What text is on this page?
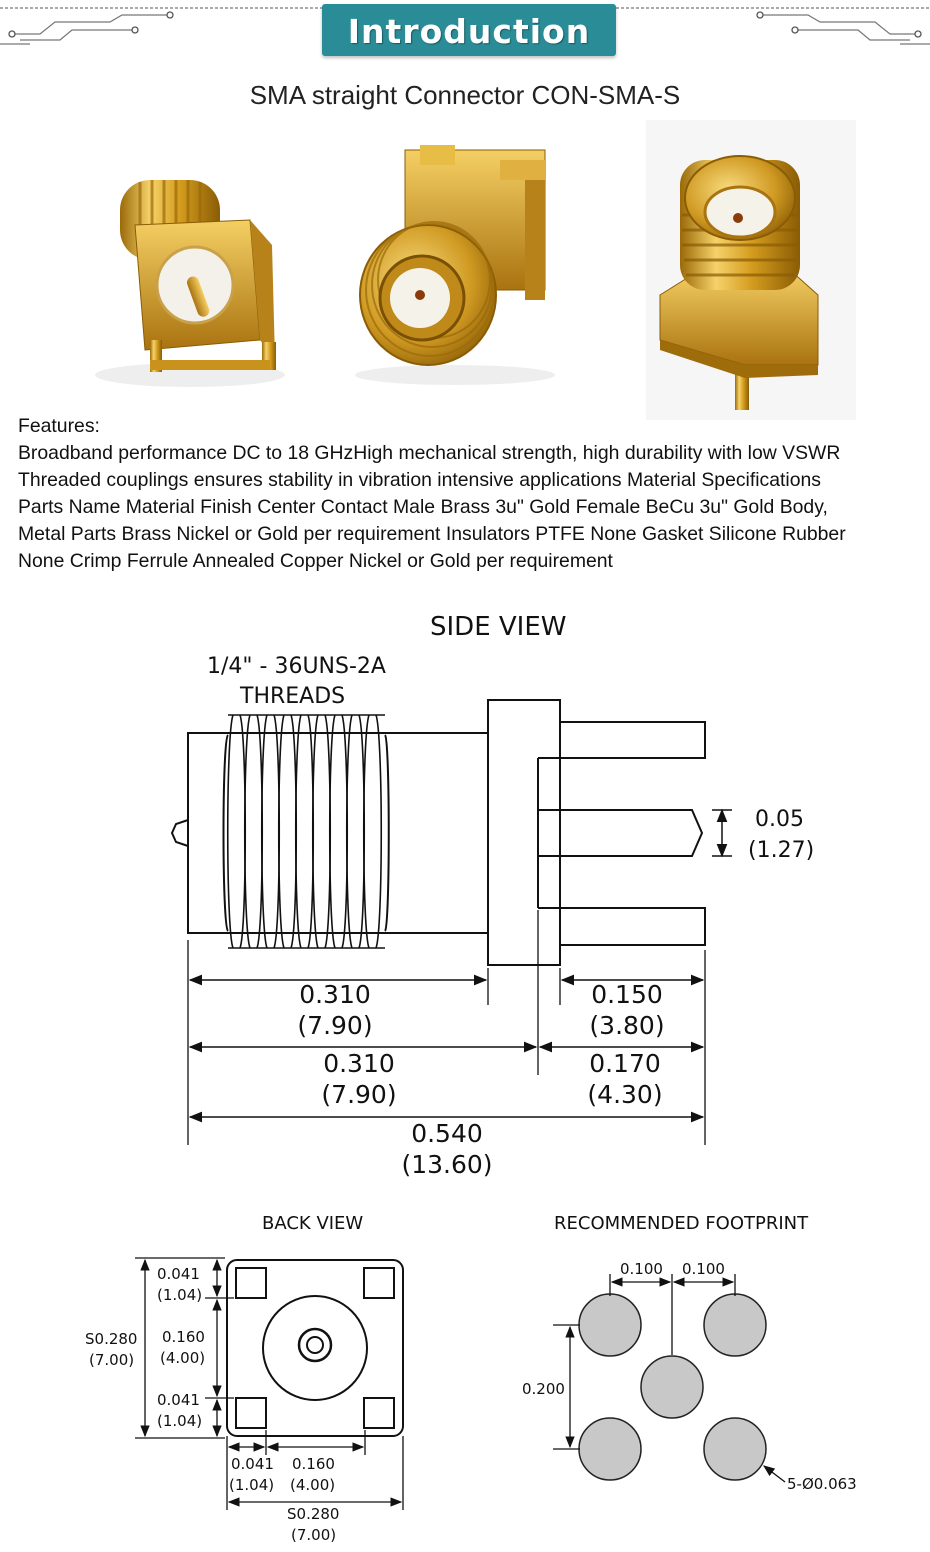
Introduction
SMA straight Connector CON-SMA-S
Features:
Broadband performance DC to 18 GHzHigh mechanical strength, high durability with low VSWR
Threaded couplings ensures stability in vibration intensive applications Material Specifications
Parts Name Material Finish Center Contact Male Brass 3u" Gold Female BeCu 3u" Gold Body,
Metal Parts Brass Nickel or Gold per requirement Insulators PTFE None Gasket Silicone Rubber
None Crimp Ferrule Annealed Copper Nickel or Gold per requirement
SIDE VIEW
1/4" - 36UNS-2A
THREADS
0.05
(1.27)
0.310
(7.90)
0.150
(3.80)
0.310
(7.90)
0.170
(4.30)
0.540
(13.60)
BACK VIEW
0.041
(1.04)
0.160
(4.00)
0.041
(1.04)
S0.280
(7.00)
0.041
(1.04)
0.160
(4.00)
S0.280
(7.00)
RECOMMENDED FOOTPRINT
0.100 0.100
0.200
5-Ø0.063
